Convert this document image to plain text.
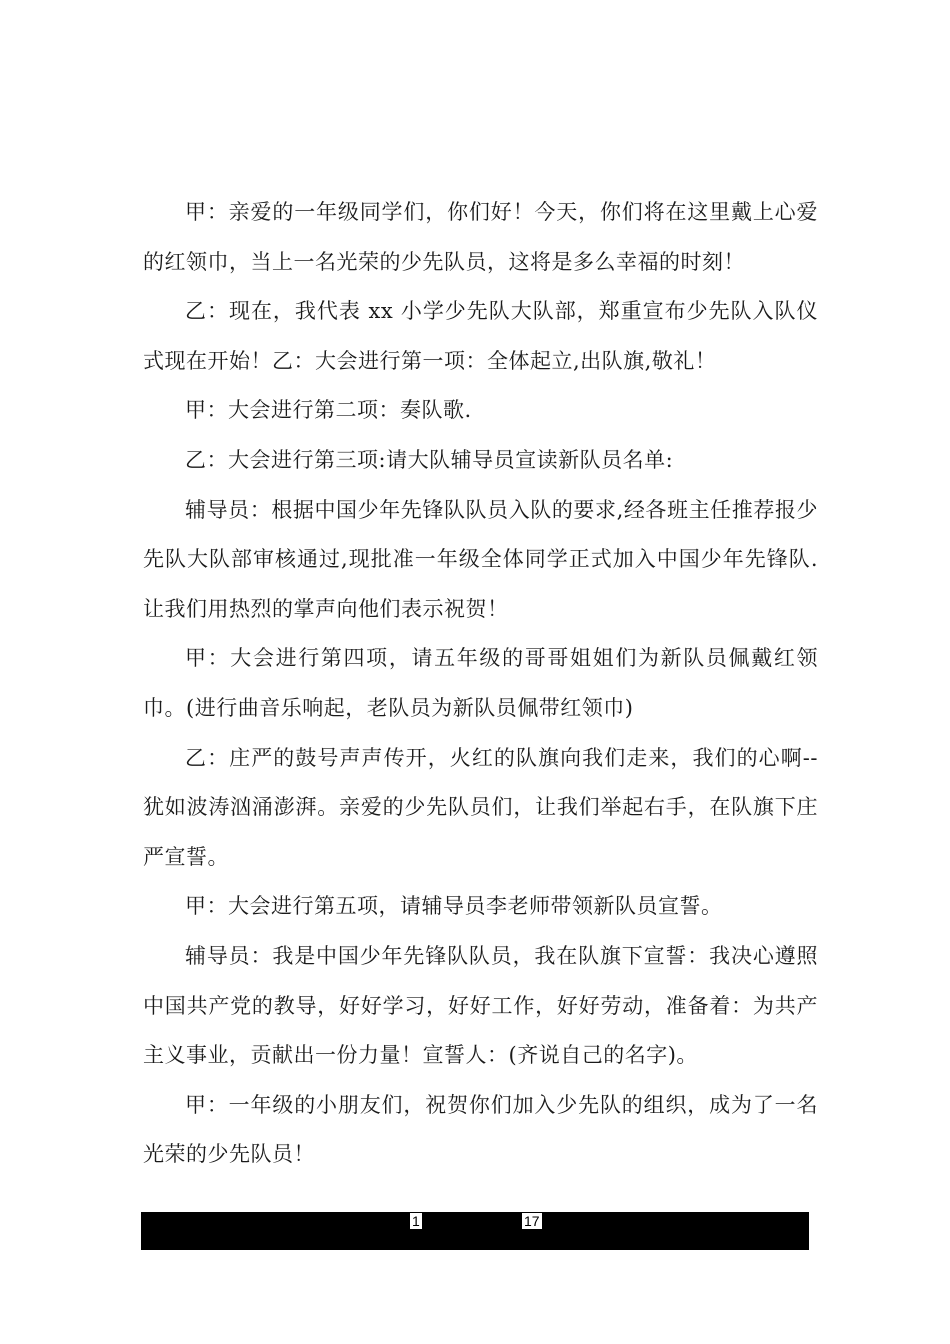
甲：亲爱的一年级同学们，你们好！今天，你们将在这里戴上心爱的红领巾，当上一名光荣的少先队员，这将是多么幸福的时刻！

乙：现在，我代表 xx 小学少先队大队部，郑重宣布少先队入队仪式现在开始！乙：大会进行第一项：全体起立,出队旗,敬礼！

甲：大会进行第二项：奏队歌.

乙：大会进行第三项:请大队辅导员宣读新队员名单:

辅导员：根据中国少年先锋队队员入队的要求,经各班主任推荐报少先队大队部审核通过,现批准一年级全体同学正式加入中国少年先锋队.让我们用热烈的掌声向他们表示祝贺！

甲：大会进行第四项，请五年级的哥哥姐姐们为新队员佩戴红领巾。(进行曲音乐响起，老队员为新队员佩带红领巾)

乙：庄严的鼓号声声传开，火红的队旗向我们走来，我们的心啊--犹如波涛汹涌澎湃。亲爱的少先队员们，让我们举起右手，在队旗下庄严宣誓。

甲：大会进行第五项，请辅导员李老师带领新队员宣誓。

辅导员：我是中国少年先锋队队员，我在队旗下宣誓：我决心遵照中国共产党的教导，好好学习，好好工作，好好劳动，准备着：为共产主义事业，贡献出一份力量！宣誓人：(齐说自己的名字)。

甲：一年级的小朋友们，祝贺你们加入少先队的组织，成为了一名光荣的少先队员！

1	17
